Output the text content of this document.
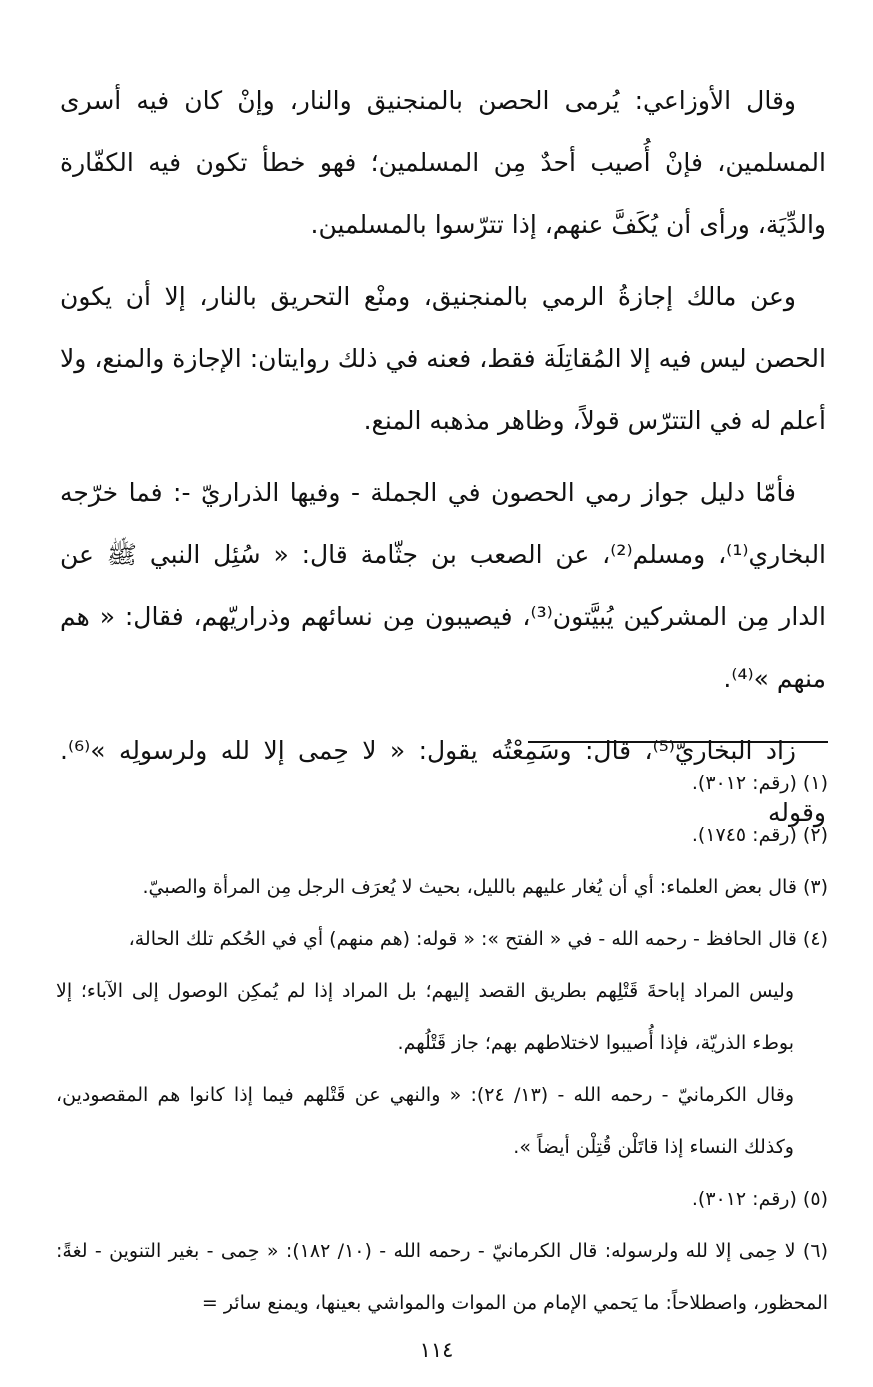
وقال الأوزاعي: يُرمى الحصن بالمنجنيق والنار، وإنْ كان فيه أسرى المسلمين، فإنْ أُصيب أحدٌ مِن المسلمين؛ فهو خطأ تكون فيه الكفّارة والدِّيَة، ورأى أن يُكَفَّ عنهم، إذا تترّسوا بالمسلمين.

وعن مالك إجازةُ الرمي بالمنجنيق، ومنْع التحريق بالنار، إلا أن يكون الحصن ليس فيه إلا المُقاتِلَة فقط، فعنه في ذلك روايتان: الإجازة والمنع، ولا أعلم له في التترّس قولاً، وظاهر مذهبه المنع.

فأمّا دليل جواز رمي الحصون في الجملة - وفيها الذراريّ -: فما خرّجه البخاري⁽¹⁾، ومسلم⁽²⁾، عن الصعب بن جثّامة قال: « سُئِل النبي ﷺ عن الدار مِن المشركين يُبيَّتون⁽³⁾، فيصيبون مِن نسائهم وذراريّهم، فقال: « هم منهم »⁽⁴⁾.

زاد البخاريّ⁽⁵⁾، قال: وسَمِعْتُه يقول: « لا حِمى إلا لله ولرسولِه »⁽⁶⁾. وقوله

(١) (رقم: ٣٠١٢).

(٢) (رقم: ١٧٤٥).

(٣) قال بعض العلماء: أي أن يُغار عليهم بالليل، بحيث لا يُعرَف الرجل مِن المرأة والصبيّ.

(٤) قال الحافظ - رحمه الله - في « الفتح »: « قوله: (هم منهم) أي في الحُكم تلك الحالة،

وليس المراد إباحةَ قَتْلِهم بطريق القصد إليهم؛ بل المراد إذا لم يُمكِن الوصول إلى الآباء؛ إلا بوطء الذريّة، فإذا أُصيبوا لاختلاطهم بهم؛ جاز قَتْلُهم.

وقال الكرمانيّ - رحمه الله - (١٣/ ٢٤): « والنهي عن قَتْلهم فيما إذا كانوا هم المقصودين، وكذلك النساء إذا قاتَلْن قُتِلْن أيضاً ».

(٥) (رقم: ٣٠١٢).

(٦) لا حِمى إلا لله ولرسوله: قال الكرمانيّ - رحمه الله - (١٠/ ١٨٢): « حِمى - بغير التنوين - لغةً: المحظور، واصطلاحاً: ما يَحمي الإمام من الموات والمواشي بعينها، ويمنع سائر =

١١٤
